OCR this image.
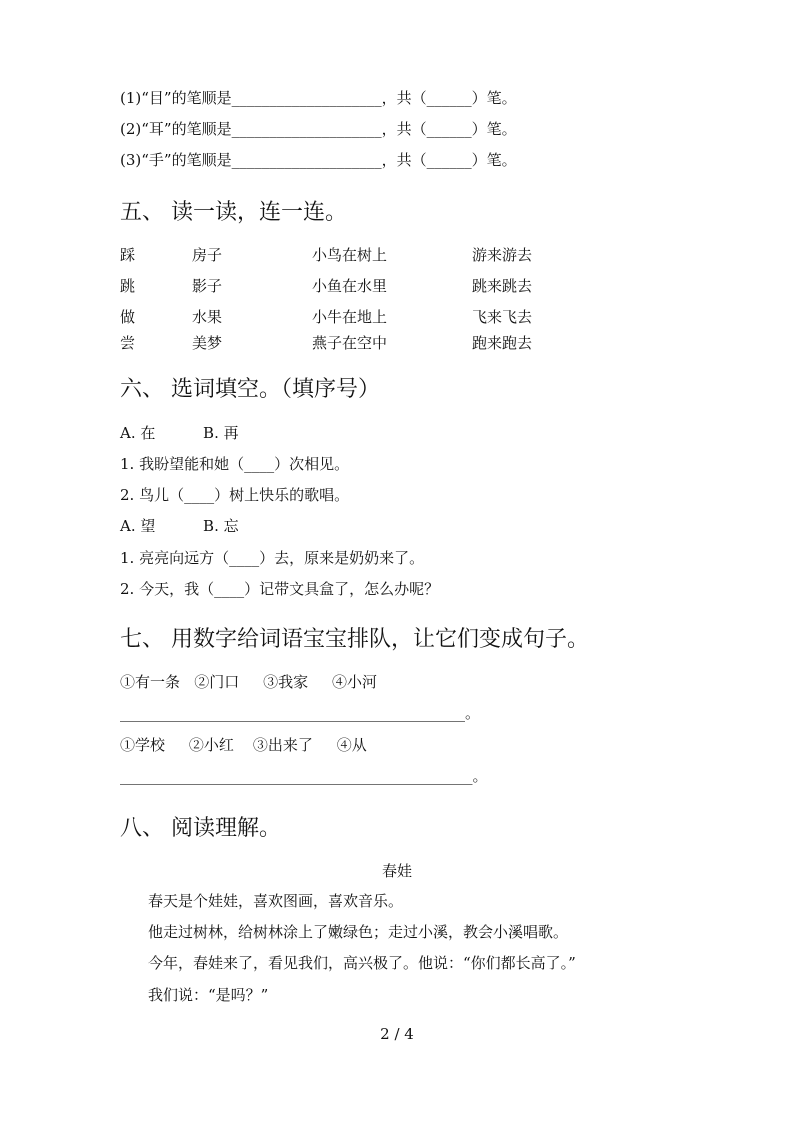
(1)“目”的笔顺是____________________，共（______）笔。
(2)“耳”的笔顺是____________________，共（______）笔。
(3)“手”的笔顺是____________________，共（______）笔。
五、 读一读，连一连。
踩	房子	小鸟在树上	游来游去
跳	影子	小鱼在水里	跳来跳去
做	水果	小牛在地上	飞来飞去
尝	美梦	燕子在空中	跑来跑去
六、 选词填空。（填序号）
A. 在          B. 再
1. 我盼望能和她（____）次相见。
2. 鸟儿（____）树上快乐的歌唱。
A. 望          B. 忘
1. 亮亮向远方（____）去，原来是奶奶来了。
2. 今天，我（____）记带文具盒了，怎么办呢？
七、 用数字给词语宝宝排队，让它们变成句子。
①有一条   ②门口     ③我家     ④小河
______________________________________________。
①学校     ②小红    ③出来了     ④从
_______________________________________________。
八、 阅读理解。
春娃
春天是个娃娃，喜欢图画，喜欢音乐。
他走过树林，给树林涂上了嫩绿色；走过小溪，教会小溪唱歌。
今年，春娃来了，看见我们，高兴极了。他说：“你们都长高了。”
我们说：“是吗？”
2 / 4
